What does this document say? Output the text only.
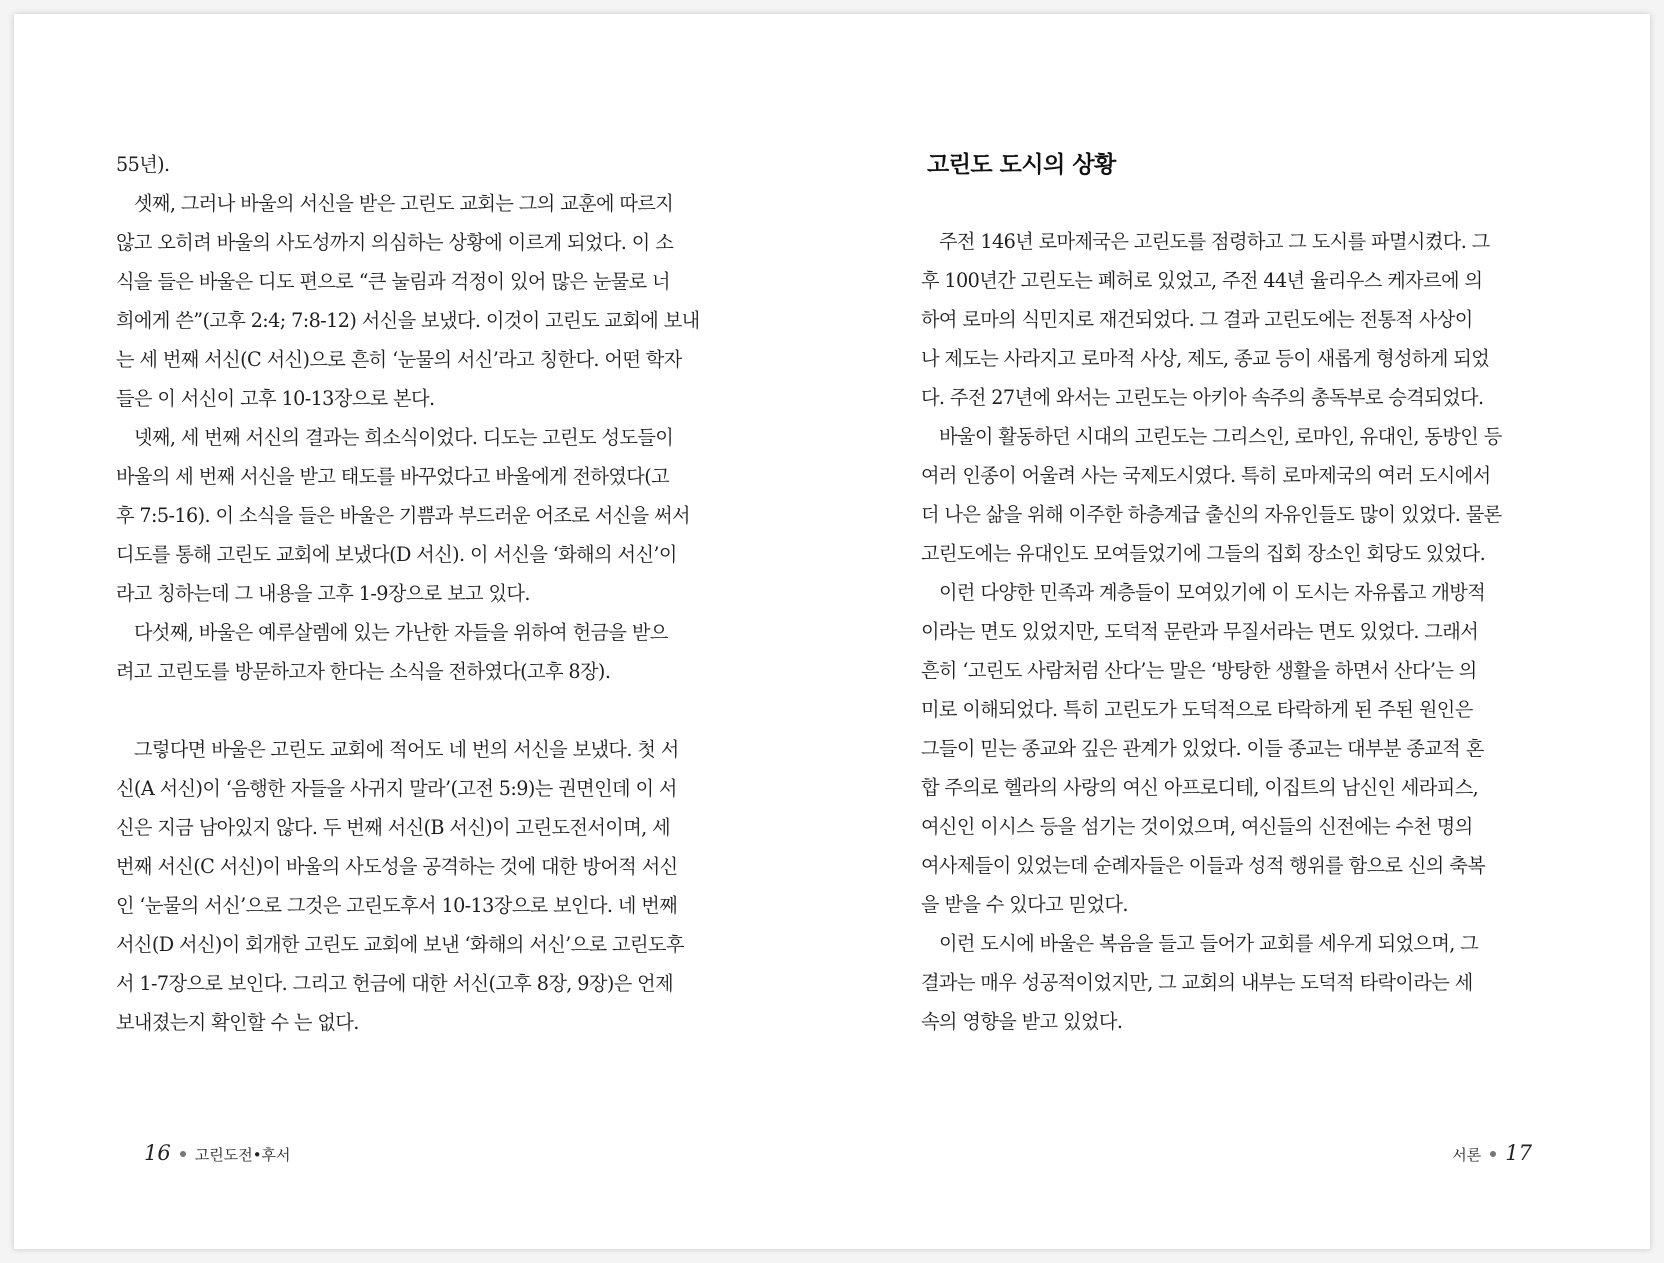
55년).
셋째, 그러나 바울의 서신을 받은 고린도 교회는 그의 교훈에 따르지
않고 오히려 바울의 사도성까지 의심하는 상황에 이르게 되었다. 이 소
식을 들은 바울은 디도 편으로 “큰 눌림과 걱정이 있어 많은 눈물로 너
희에게 쓴”(고후 2:4; 7:8-12) 서신을 보냈다. 이것이 고린도 교회에 보내
는 세 번째 서신(C 서신)으로 흔히 ‘눈물의 서신’라고 칭한다. 어떤 학자
들은 이 서신이 고후 10-13장으로 본다.
넷째, 세 번째 서신의 결과는 희소식이었다. 디도는 고린도 성도들이
바울의 세 번째 서신을 받고 태도를 바꾸었다고 바울에게 전하였다(고
후 7:5-16). 이 소식을 들은 바울은 기쁨과 부드러운 어조로 서신을 써서
디도를 통해 고린도 교회에 보냈다(D 서신). 이 서신을 ‘화해의 서신’이
라고 칭하는데 그 내용을 고후 1-9장으로 보고 있다.
다섯째, 바울은 예루살렘에 있는 가난한 자들을 위하여 헌금을 받으
려고 고린도를 방문하고자 한다는 소식을 전하였다(고후 8장).
그렇다면 바울은 고린도 교회에 적어도 네 번의 서신을 보냈다. 첫 서
신(A 서신)이 ‘음행한 자들을 사귀지 말라’(고전 5:9)는 권면인데 이 서
신은 지금 남아있지 않다. 두 번째 서신(B 서신)이 고린도전서이며, 세
번째 서신(C 서신)이 바울의 사도성을 공격하는 것에 대한 방어적 서신
인 ‘눈물의 서신’으로 그것은 고린도후서 10-13장으로 보인다. 네 번째
서신(D 서신)이 회개한 고린도 교회에 보낸 ‘화해의 서신’으로 고린도후
서 1-7장으로 보인다. 그리고 헌금에 대한 서신(고후 8장, 9장)은 언제
보내졌는지 확인할 수 는 없다.
주전 146년 로마제국은 고린도를 점령하고 그 도시를 파멸시켰다. 그
후 100년간 고린도는 폐허로 있었고, 주전 44년 율리우스 케자르에 의
하여 로마의 식민지로 재건되었다. 그 결과 고린도에는 전통적 사상이
나 제도는 사라지고 로마적 사상, 제도, 종교 등이 새롭게 형성하게 되었
다. 주전 27년에 와서는 고린도는 아키아 속주의 총독부로 승격되었다.
바울이 활동하던 시대의 고린도는 그리스인, 로마인, 유대인, 동방인 등
여러 인종이 어울려 사는 국제도시였다. 특히 로마제국의 여러 도시에서
더 나은 삶을 위해 이주한 하층계급 출신의 자유인들도 많이 있었다. 물론
고린도에는 유대인도 모여들었기에 그들의 집회 장소인 회당도 있었다.
이런 다양한 민족과 계층들이 모여있기에 이 도시는 자유롭고 개방적
이라는 면도 있었지만, 도덕적 문란과 무질서라는 면도 있었다. 그래서
흔히 ‘고린도 사람처럼 산다’는 말은 ‘방탕한 생활을 하면서 산다’는 의
미로 이해되었다. 특히 고린도가 도덕적으로 타락하게 된 주된 원인은
그들이 믿는 종교와 깊은 관계가 있었다. 이들 종교는 대부분 종교적 혼
합 주의로 헬라의 사랑의 여신 아프로디테, 이집트의 남신인 세라피스,
여신인 이시스 등을 섬기는 것이었으며, 여신들의 신전에는 수천 명의
여사제들이 있었는데 순례자들은 이들과 성적 행위를 함으로 신의 축복
을 받을 수 있다고 믿었다.
이런 도시에 바울은 복음을 들고 들어가 교회를 세우게 되었으며, 그
결과는 매우 성공적이었지만, 그 교회의 내부는 도덕적 타락이라는 세
속의 영향을 받고 있었다.
고린도 도시의 상황
16 고린도전•후서	서론 17
